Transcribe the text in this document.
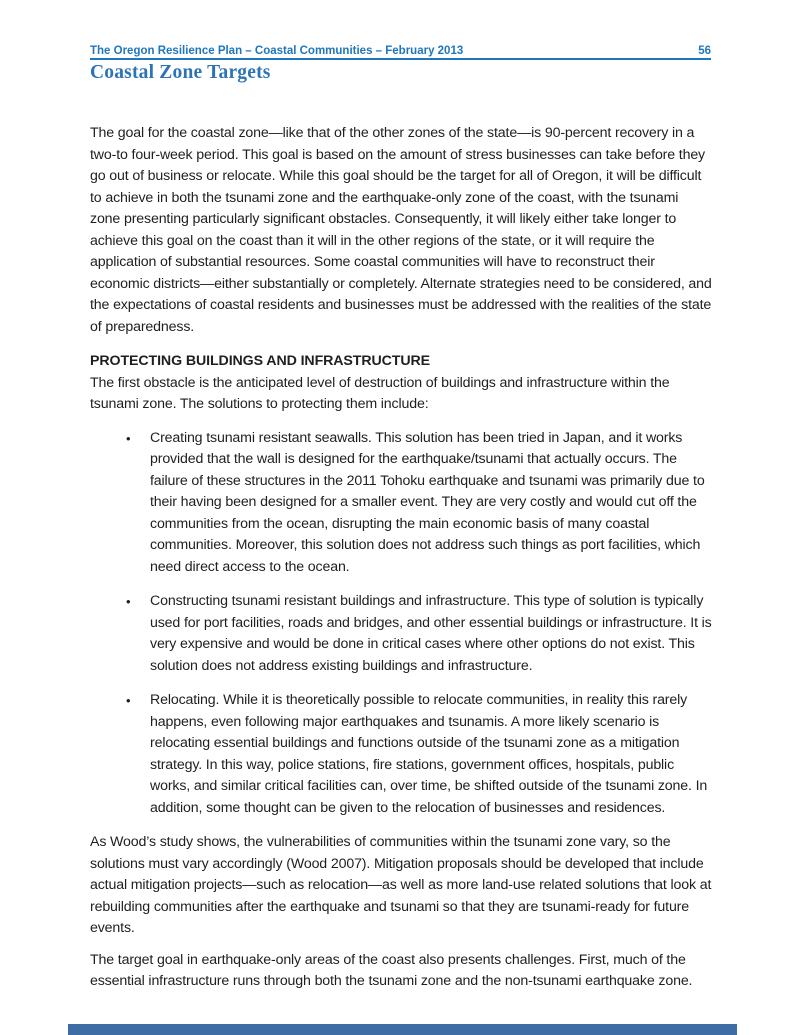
The Oregon Resilience Plan – Coastal Communities – February 2013	56
Coastal Zone Targets

The goal for the coastal zone—like that of the other zones of the state—is 90-percent recovery in a two-to four-week period. This goal is based on the amount of stress businesses can take before they go out of business or relocate. While this goal should be the target for all of Oregon, it will be difficult to achieve in both the tsunami zone and the earthquake-only zone of the coast, with the tsunami zone presenting particularly significant obstacles. Consequently, it will likely either take longer to achieve this goal on the coast than it will in the other regions of the state, or it will require the application of substantial resources. Some coastal communities will have to reconstruct their economic districts—either substantially or completely. Alternate strategies need to be considered, and the expectations of coastal residents and businesses must be addressed with the realities of the state of preparedness.

PROTECTING BUILDINGS AND INFRASTRUCTURE

The first obstacle is the anticipated level of destruction of buildings and infrastructure within the tsunami zone. The solutions to protecting them include:

• Creating tsunami resistant seawalls. This solution has been tried in Japan, and it works provided that the wall is designed for the earthquake/tsunami that actually occurs. The failure of these structures in the 2011 Tohoku earthquake and tsunami was primarily due to their having been designed for a smaller event. They are very costly and would cut off the communities from the ocean, disrupting the main economic basis of many coastal communities. Moreover, this solution does not address such things as port facilities, which need direct access to the ocean.
• Constructing tsunami resistant buildings and infrastructure. This type of solution is typically used for port facilities, roads and bridges, and other essential buildings or infrastructure. It is very expensive and would be done in critical cases where other options do not exist. This solution does not address existing buildings and infrastructure.
• Relocating. While it is theoretically possible to relocate communities, in reality this rarely happens, even following major earthquakes and tsunamis. A more likely scenario is relocating essential buildings and functions outside of the tsunami zone as a mitigation strategy. In this way, police stations, fire stations, government offices, hospitals, public works, and similar critical facilities can, over time, be shifted outside of the tsunami zone. In addition, some thought can be given to the relocation of businesses and residences.

As Wood’s study shows, the vulnerabilities of communities within the tsunami zone vary, so the solutions must vary accordingly (Wood 2007). Mitigation proposals should be developed that include actual mitigation projects—such as relocation—as well as more land-use related solutions that look at rebuilding communities after the earthquake and tsunami so that they are tsunami-ready for future events.

The target goal in earthquake-only areas of the coast also presents challenges. First, much of the essential infrastructure runs through both the tsunami zone and the non-tsunami earthquake zone.
